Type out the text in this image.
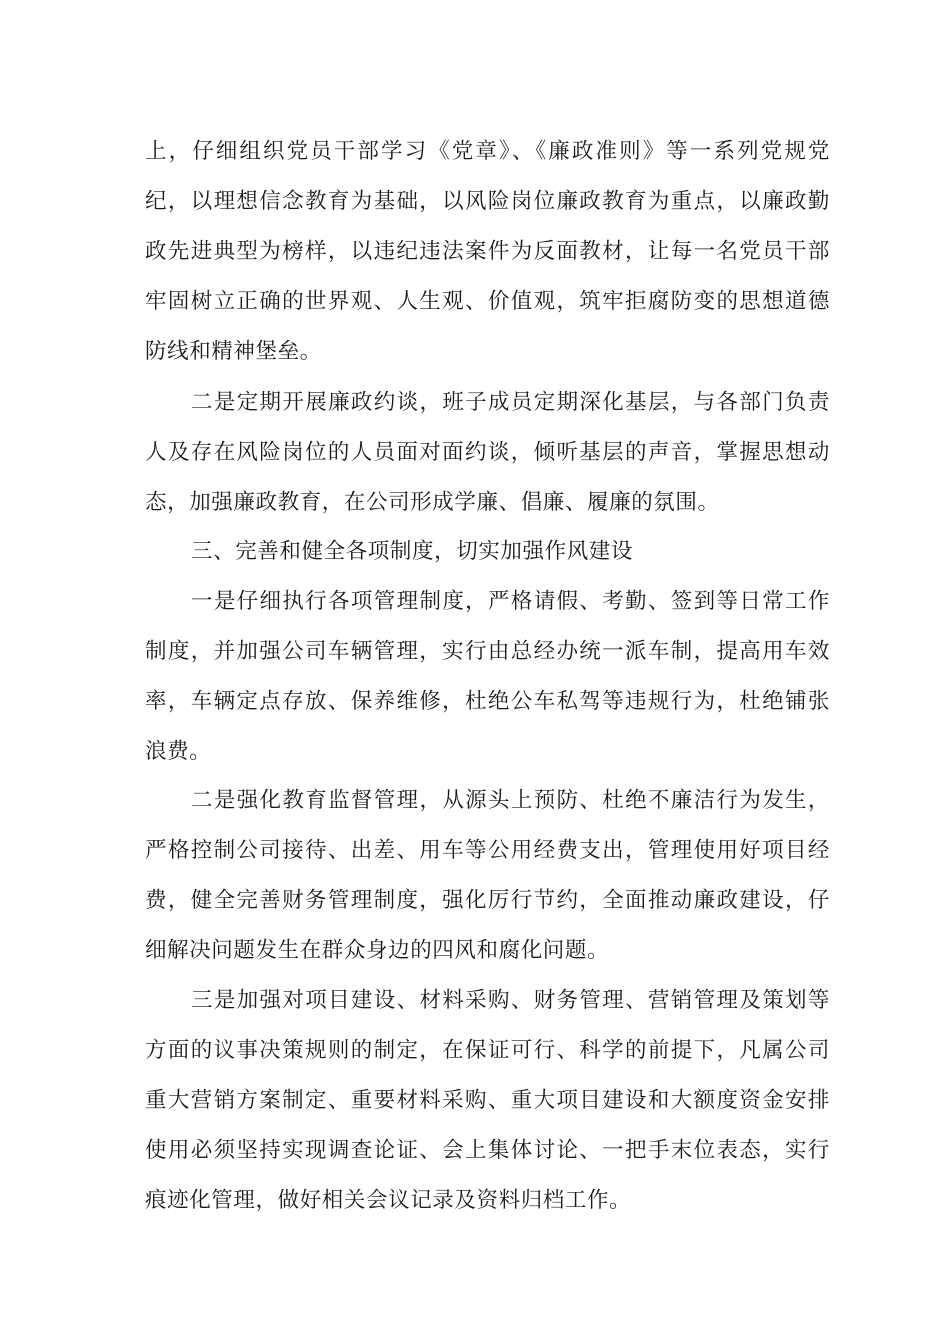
上，仔细组织党员干部学习《党章》、《廉政准则》等一系列党规党纪，以理想信念教育为基础，以风险岗位廉政教育为重点，以廉政勤政先进典型为榜样，以违纪违法案件为反面教材，让每一名党员干部牢固树立正确的世界观、人生观、价值观，筑牢拒腐防变的思想道德防线和精神堡垒。

二是定期开展廉政约谈，班子成员定期深化基层，与各部门负责人及存在风险岗位的人员面对面约谈，倾听基层的声音，掌握思想动态，加强廉政教育，在公司形成学廉、倡廉、履廉的氛围。

三、完善和健全各项制度，切实加强作风建设

一是仔细执行各项管理制度，严格请假、考勤、签到等日常工作制度，并加强公司车辆管理，实行由总经办统一派车制，提高用车效率，车辆定点存放、保养维修，杜绝公车私驾等违规行为，杜绝铺张浪费。

二是强化教育监督管理，从源头上预防、杜绝不廉洁行为发生，严格控制公司接待、出差、用车等公用经费支出，管理使用好项目经费，健全完善财务管理制度，强化厉行节约，全面推动廉政建设，仔细解决问题发生在群众身边的四风和腐化问题。

三是加强对项目建设、材料采购、财务管理、营销管理及策划等方面的议事决策规则的制定，在保证可行、科学的前提下，凡属公司重大营销方案制定、重要材料采购、重大项目建设和大额度资金安排使用必须坚持实现调查论证、会上集体讨论、一把手末位表态，实行痕迹化管理，做好相关会议记录及资料归档工作。
